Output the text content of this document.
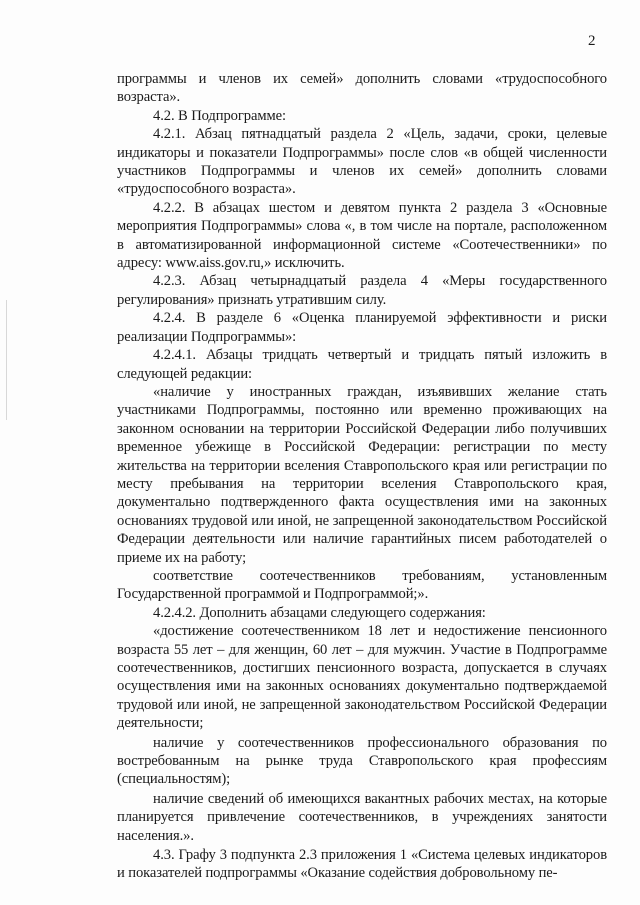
2

программы и членов их семей» дополнить словами «трудоспособного возраста».

4.2. В Подпрограмме:

4.2.1. Абзац пятнадцатый раздела 2 «Цель, задачи, сроки, целевые индикаторы и показатели Подпрограммы» после слов «в общей численности участников Подпрограммы и членов их семей» дополнить словами «трудоспособного возраста».

4.2.2. В абзацах шестом и девятом пункта 2 раздела 3 «Основные мероприятия Подпрограммы» слова «, в том числе на портале, расположенном в автоматизированной информационной системе «Соотечественники» по адресу: www.aiss.gov.ru,» исключить.

4.2.3. Абзац четырнадцатый раздела 4 «Меры государственного регулирования» признать утратившим силу.

4.2.4. В разделе 6 «Оценка планируемой эффективности и риски реализации Подпрограммы»:

4.2.4.1. Абзацы тридцать четвертый и тридцать пятый изложить в следующей редакции:

«наличие у иностранных граждан, изъявивших желание стать участниками Подпрограммы, постоянно или временно проживающих на законном основании на территории Российской Федерации либо получивших временное убежище в Российской Федерации: регистрации по месту жительства на территории вселения Ставропольского края или регистрации по месту пребывания на территории вселения Ставропольского края, документально подтвержденного факта осуществления ими на законных основаниях трудовой или иной, не запрещенной законодательством Российской Федерации деятельности или наличие гарантийных писем работодателей о приеме их на работу;

соответствие соотечественников требованиям, установленным Государственной программой и Подпрограммой;».

4.2.4.2. Дополнить абзацами следующего содержания:

«достижение соотечественником 18 лет и недостижение пенсионного возраста 55 лет – для женщин, 60 лет – для мужчин. Участие в Подпрограмме соотечественников, достигших пенсионного возраста, допускается в случаях осуществления ими на законных основаниях документально подтверждаемой трудовой или иной, не запрещенной законодательством Российской Федерации деятельности;

наличие у соотечественников профессионального образования по востребованным на рынке труда Ставропольского края профессиям (специальностям);

наличие сведений об имеющихся вакантных рабочих местах, на которые планируется привлечение соотечественников, в учреждениях занятости населения.».

4.3. Графу 3 подпункта 2.3 приложения 1 «Система целевых индикаторов и показателей подпрограммы «Оказание содействия добровольному пе-
